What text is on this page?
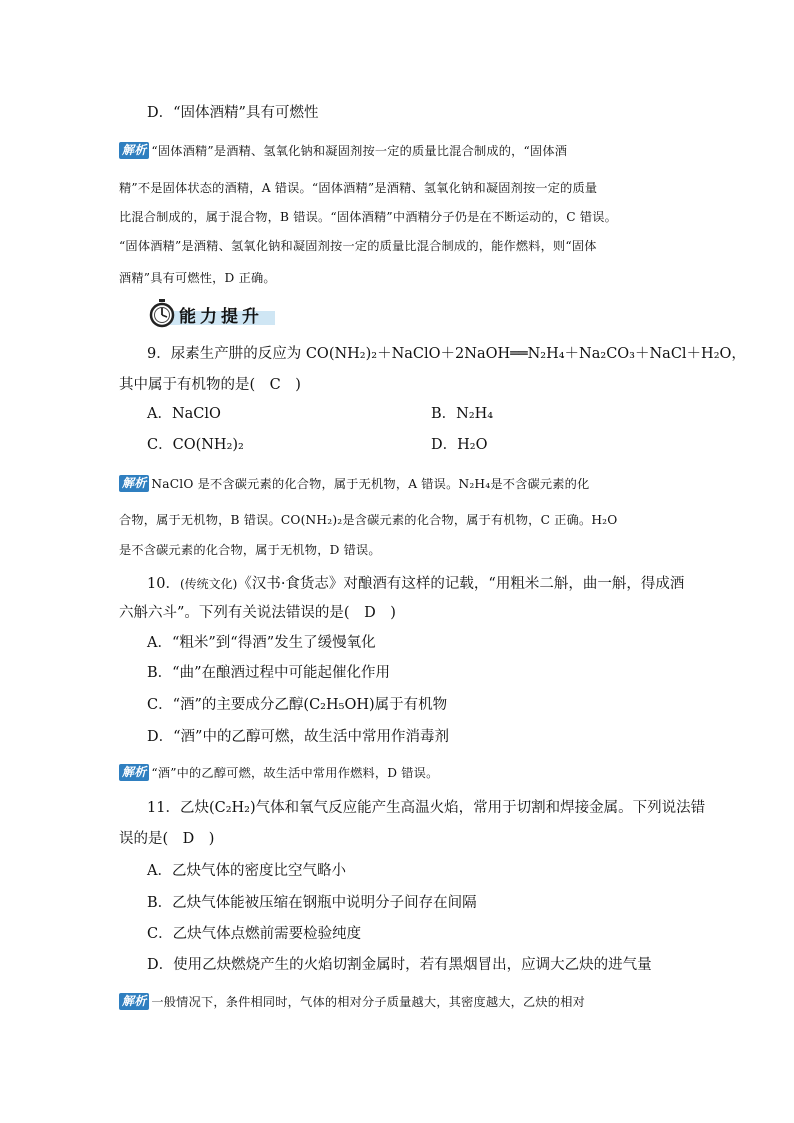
D．“固体酒精”具有可燃性
解析 “固体酒精”是酒精、氢氧化钠和凝固剂按一定的质量比混合制成的，“固体酒
精”不是固体状态的酒精，A 错误。“固体酒精”是酒精、氢氧化钠和凝固剂按一定的质量
比混合制成的，属于混合物，B 错误。“固体酒精”中酒精分子仍是在不断运动的，C 错误。
“固体酒精”是酒精、氢氧化钠和凝固剂按一定的质量比混合制成的，能作燃料，则“固体
酒精”具有可燃性，D 正确。
能力提升
9．尿素生产肼的反应为 CO(NH₂)₂＋NaClO＋2NaOH══N₂H₄＋Na₂CO₃＋NaCl＋H₂O，
其中属于有机物的是(　C　)
A．NaClO	B．N₂H₄
C．CO(NH₂)₂	D．H₂O
解析 NaClO 是不含碳元素的化合物，属于无机物，A 错误。N₂H₄是不含碳元素的化
合物，属于无机物，B 错误。CO(NH₂)₂是含碳元素的化合物，属于有机物，C 正确。H₂O
是不含碳元素的化合物，属于无机物，D 错误。
10．(传统文化)《汉书·食货志》对酿酒有这样的记载，“用粗米二斛，曲一斛，得成酒
六斛六斗”。下列有关说法错误的是(　D　)
A．“粗米”到“得酒”发生了缓慢氧化
B．“曲”在酿酒过程中可能起催化作用
C．“酒”的主要成分乙醇(C₂H₅OH)属于有机物
D．“酒”中的乙醇可燃，故生活中常用作消毒剂
解析 “酒”中的乙醇可燃，故生活中常用作燃料，D 错误。
11．乙炔(C₂H₂)气体和氧气反应能产生高温火焰，常用于切割和焊接金属。下列说法错
误的是(　D　)
A．乙炔气体的密度比空气略小
B．乙炔气体能被压缩在钢瓶中说明分子间存在间隔
C．乙炔气体点燃前需要检验纯度
D．使用乙炔燃烧产生的火焰切割金属时，若有黑烟冒出，应调大乙炔的进气量
解析 一般情况下，条件相同时，气体的相对分子质量越大，其密度越大，乙炔的相对
